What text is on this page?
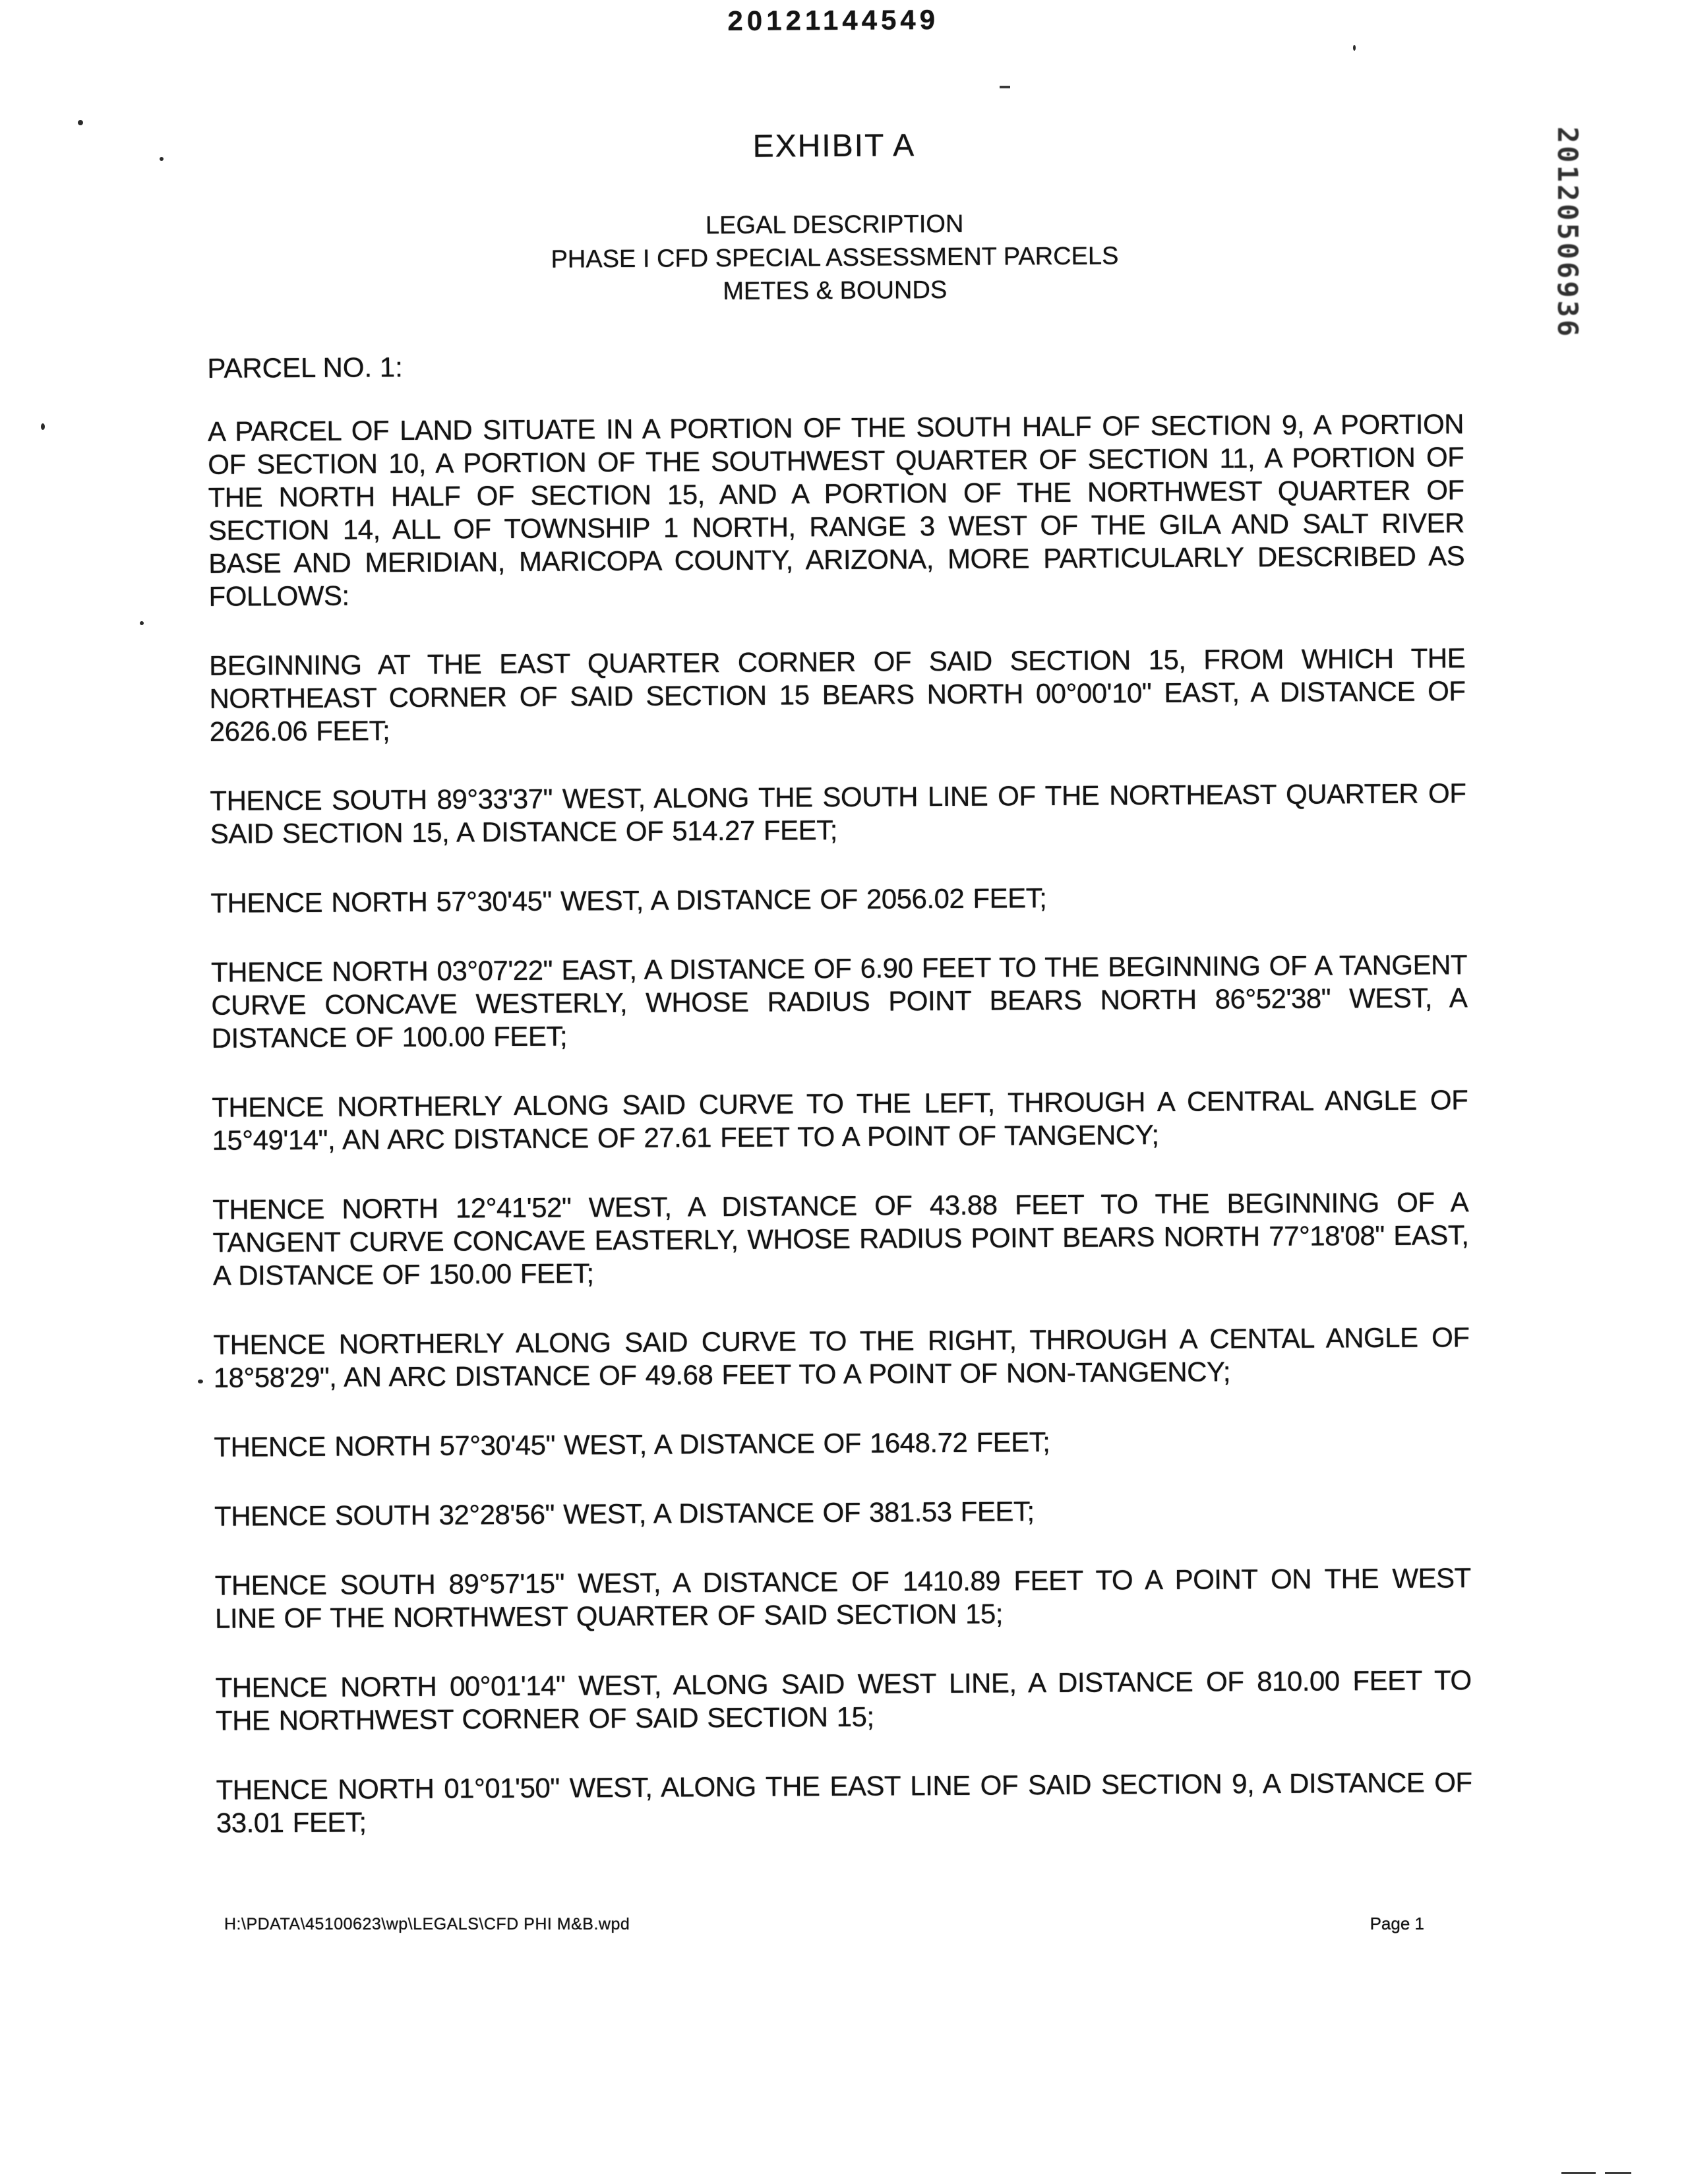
20121144549
EXHIBIT A
LEGAL DESCRIPTION
PHASE I CFD SPECIAL ASSESSMENT PARCELS
METES & BOUNDS
PARCEL NO. 1:

A PARCEL OF LAND SITUATE IN A PORTION OF THE SOUTH HALF OF SECTION 9, A PORTION OF SECTION 10, A PORTION OF THE SOUTHWEST QUARTER OF SECTION 11, A PORTION OF THE NORTH HALF OF SECTION 15, AND A PORTION OF THE NORTHWEST QUARTER OF SECTION 14, ALL OF TOWNSHIP 1 NORTH, RANGE 3 WEST OF THE GILA AND SALT RIVER BASE AND MERIDIAN, MARICOPA COUNTY, ARIZONA, MORE PARTICULARLY DESCRIBED AS FOLLOWS:

BEGINNING AT THE EAST QUARTER CORNER OF SAID SECTION 15, FROM WHICH THE NORTHEAST CORNER OF SAID SECTION 15 BEARS NORTH 00°00'10" EAST, A DISTANCE OF 2626.06 FEET;

THENCE SOUTH 89°33'37" WEST, ALONG THE SOUTH LINE OF THE NORTHEAST QUARTER OF SAID SECTION 15, A DISTANCE OF 514.27 FEET;

THENCE NORTH 57°30'45" WEST, A DISTANCE OF 2056.02 FEET;

THENCE NORTH 03°07'22" EAST, A DISTANCE OF 6.90 FEET TO THE BEGINNING OF A TANGENT CURVE CONCAVE WESTERLY, WHOSE RADIUS POINT BEARS NORTH 86°52'38" WEST, A DISTANCE OF 100.00 FEET;

THENCE NORTHERLY ALONG SAID CURVE TO THE LEFT, THROUGH A CENTRAL ANGLE OF 15°49'14", AN ARC DISTANCE OF 27.61 FEET TO A POINT OF TANGENCY;

THENCE NORTH 12°41'52" WEST, A DISTANCE OF 43.88 FEET TO THE BEGINNING OF A TANGENT CURVE CONCAVE EASTERLY, WHOSE RADIUS POINT BEARS NORTH 77°18'08" EAST, A DISTANCE OF 150.00 FEET;

THENCE NORTHERLY ALONG SAID CURVE TO THE RIGHT, THROUGH A CENTAL ANGLE OF 18°58'29", AN ARC DISTANCE OF 49.68 FEET TO A POINT OF NON-TANGENCY;

THENCE NORTH 57°30'45" WEST, A DISTANCE OF 1648.72 FEET;

THENCE SOUTH 32°28'56" WEST, A DISTANCE OF 381.53 FEET;

THENCE SOUTH 89°57'15" WEST, A DISTANCE OF 1410.89 FEET TO A POINT ON THE WEST LINE OF THE NORTHWEST QUARTER OF SAID SECTION 15;

THENCE NORTH 00°01'14" WEST, ALONG SAID WEST LINE, A DISTANCE OF 810.00 FEET TO THE NORTHWEST CORNER OF SAID SECTION 15;

THENCE NORTH 01°01'50" WEST, ALONG THE EAST LINE OF SAID SECTION 9, A DISTANCE OF 33.01 FEET;

20120506936
H:\PDATA\45100623\wp\LEGALS\CFD PHI M&B.wpd	Page 1
